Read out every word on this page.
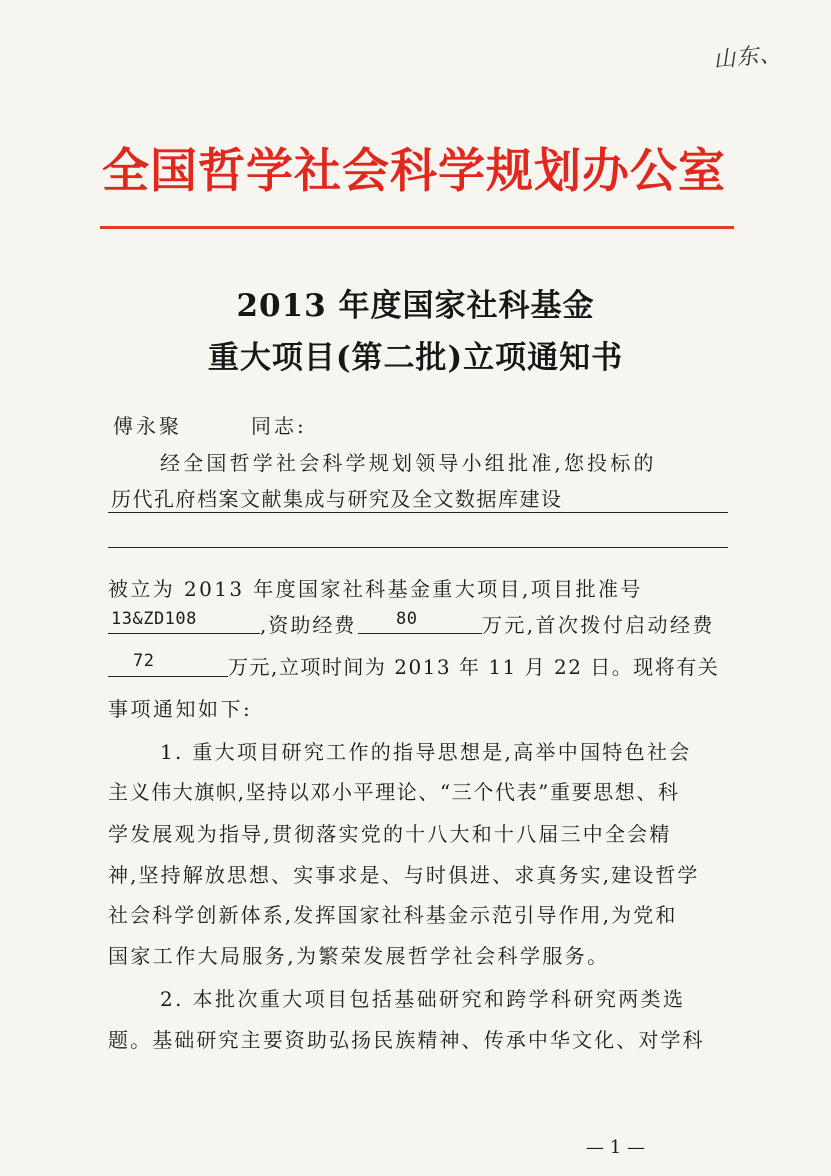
山东、
全国哲学社会科学规划办公室
2013 年度国家社科基金
重大项目(第二批)立项通知书
傅永聚	同志:
经全国哲学社会科学规划领导小组批准,您投标的
历代孔府档案文献集成与研究及全文数据库建设
被立为 2013 年度国家社科基金重大项目,项目批准号
13&ZD108	,资助经费 80	万元,首次拨付启动经费
72	万元,立项时间为 2013 年 11 月 22 日。现将有关
事项通知如下:
1. 重大项目研究工作的指导思想是,高举中国特色社会
主义伟大旗帜,坚持以邓小平理论、“三个代表”重要思想、科
学发展观为指导,贯彻落实党的十八大和十八届三中全会精
神,坚持解放思想、实事求是、与时俱进、求真务实,建设哲学
社会科学创新体系,发挥国家社科基金示范引导作用,为党和
国家工作大局服务,为繁荣发展哲学社会科学服务。
2. 本批次重大项目包括基础研究和跨学科研究两类选
题。基础研究主要资助弘扬民族精神、传承中华文化、对学科
— 1 —
